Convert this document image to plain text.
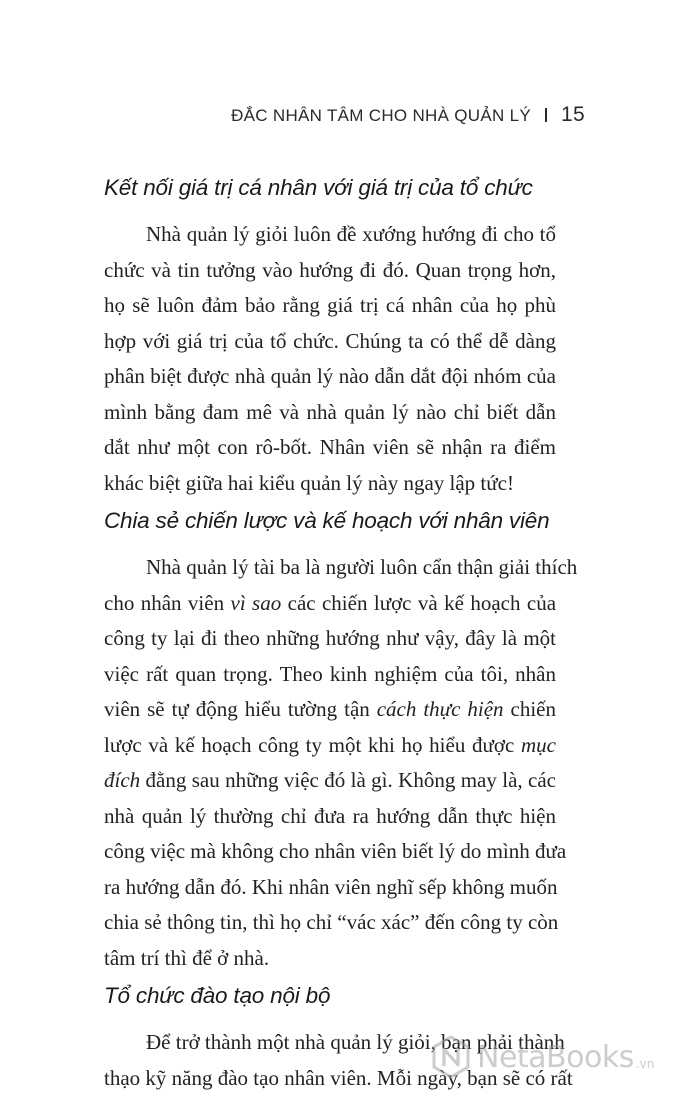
ĐẮC NHÂN TÂM CHO NHÀ QUẢN LÝ 15
Kết nối giá trị cá nhân với giá trị của tổ chức
Nhà quản lý giỏi luôn đề xướng hướng đi cho tổ
chức và tin tưởng vào hướng đi đó. Quan trọng hơn,
họ sẽ luôn đảm bảo rằng giá trị cá nhân của họ phù
hợp với giá trị của tổ chức. Chúng ta có thể dễ dàng
phân biệt được nhà quản lý nào dẫn dắt đội nhóm của
mình bằng đam mê và nhà quản lý nào chỉ biết dẫn
dắt như một con rô-bốt. Nhân viên sẽ nhận ra điểm
khác biệt giữa hai kiểu quản lý này ngay lập tức!
Chia sẻ chiến lược và kế hoạch với nhân viên
Nhà quản lý tài ba là người luôn cẩn thận giải thích
cho nhân viên vì sao các chiến lược và kế hoạch của
công ty lại đi theo những hướng như vậy, đây là một
việc rất quan trọng. Theo kinh nghiệm của tôi, nhân
viên sẽ tự động hiểu tường tận cách thực hiện chiến
lược và kế hoạch công ty một khi họ hiểu được mục
đích đằng sau những việc đó là gì. Không may là, các
nhà quản lý thường chỉ đưa ra hướng dẫn thực hiện
công việc mà không cho nhân viên biết lý do mình đưa
ra hướng dẫn đó. Khi nhân viên nghĩ sếp không muốn
chia sẻ thông tin, thì họ chỉ “vác xác” đến công ty còn
tâm trí thì để ở nhà.
Tổ chức đào tạo nội bộ
Để trở thành một nhà quản lý giỏi, bạn phải thành
thạo kỹ năng đào tạo nhân viên. Mỗi ngày, bạn sẽ có rất
NetaBooks .vn
